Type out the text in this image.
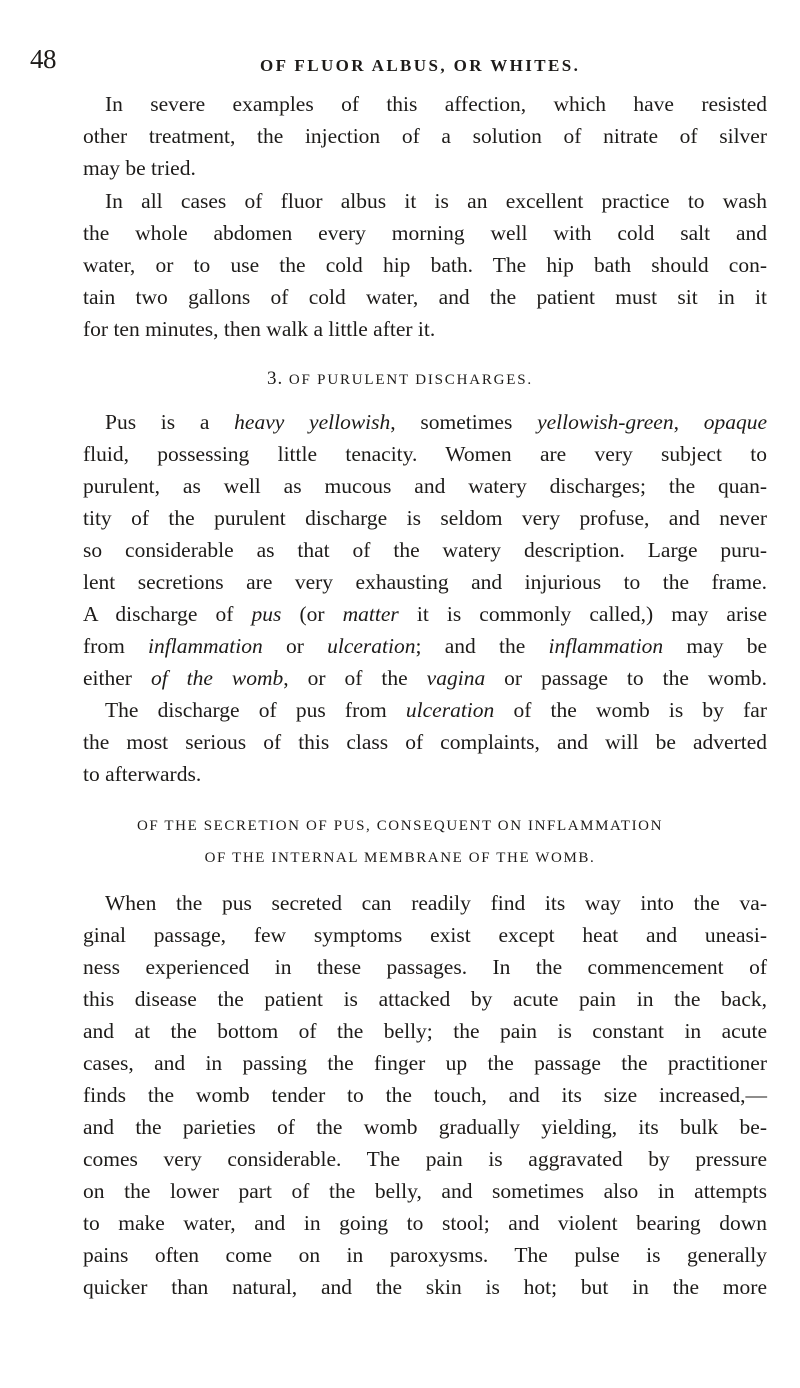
48	OF FLUOR ALBUS, OR WHITES.
In severe examples of this affection, which have resisted
other treatment, the injection of a solution of nitrate of silver
may be tried.
In all cases of fluor albus it is an excellent practice to wash
the whole abdomen every morning well with cold salt and
water, or to use the cold hip bath. The hip bath should con-
tain two gallons of cold water, and the patient must sit in it
for ten minutes, then walk a little after it.
3. OF PURULENT DISCHARGES.
Pus is a heavy yellowish, sometimes yellowish-green, opaque
fluid, possessing little tenacity. Women are very subject to
purulent, as well as mucous and watery discharges; the quan-
tity of the purulent discharge is seldom very profuse, and never
so considerable as that of the watery description. Large puru-
lent secretions are very exhausting and injurious to the frame.
A discharge of pus (or matter it is commonly called,) may arise
from inflammation or ulceration; and the inflammation may be
either of the womb, or of the vagina or passage to the womb.
The discharge of pus from ulceration of the womb is by far
the most serious of this class of complaints, and will be adverted
to afterwards.
OF THE SECRETION OF PUS, CONSEQUENT ON INFLAMMATION
OF THE INTERNAL MEMBRANE OF THE WOMB.
When the pus secreted can readily find its way into the va-
ginal passage, few symptoms exist except heat and uneasi-
ness experienced in these passages. In the commencement of
this disease the patient is attacked by acute pain in the back,
and at the bottom of the belly; the pain is constant in acute
cases, and in passing the finger up the passage the practitioner
finds the womb tender to the touch, and its size increased,—
and the parieties of the womb gradually yielding, its bulk be-
comes very considerable. The pain is aggravated by pressure
on the lower part of the belly, and sometimes also in attempts
to make water, and in going to stool; and violent bearing down
pains often come on in paroxysms. The pulse is generally
quicker than natural, and the skin is hot; but in the more
